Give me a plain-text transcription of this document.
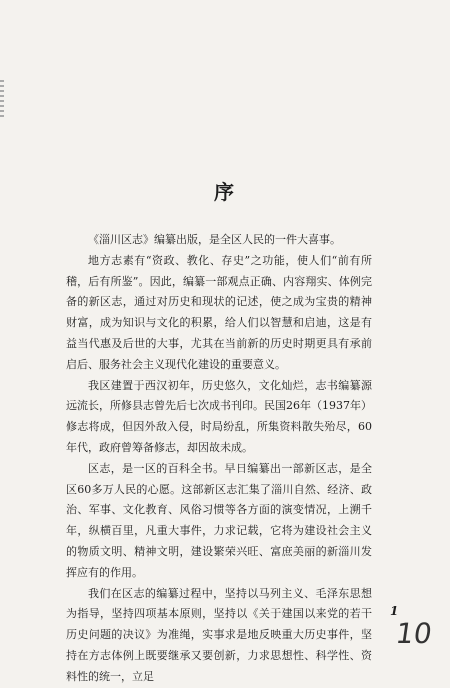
序

《淄川区志》编纂出版，是全区人民的一件大喜事。

地方志素有“资政、教化、存史”之功能，使人们“前有所稽，后有所鉴”。因此，编纂一部观点正确、内容翔实、体例完备的新区志，通过对历史和现状的记述，使之成为宝贵的精神财富，成为知识与文化的积累，给人们以智慧和启迪，这是有益当代惠及后世的大事，尤其在当前新的历史时期更具有承前启后、服务社会主义现代化建设的重要意义。

我区建置于西汉初年，历史悠久，文化灿烂，志书编纂源远流长，所修县志曾先后七次成书刊印。民国26年（1937年）修志将成，但因外敌入侵，时局纷乱，所集资料散失殆尽，60年代，政府曾筹备修志，却因故未成。

区志，是一区的百科全书。早日编纂出一部新区志，是全区60多万人民的心愿。这部新区志汇集了淄川自然、经济、政治、军事、文化教育、风俗习惯等各方面的演变情况，上溯千年，纵横百里，凡重大事件，力求记载，它将为建设社会主义的物质文明、精神文明，建设繁荣兴旺、富庶美丽的新淄川发挥应有的作用。

我们在区志的编纂过程中，坚持以马列主义、毛泽东思想为指导，坚持四项基本原则，坚持以《关于建国以来党的若干历史问题的决议》为准绳，实事求是地反映重大历史事件，坚持在方志体例上既要继承又要创新，力求思想性、科学性、资料性的统一，立足

1
10
